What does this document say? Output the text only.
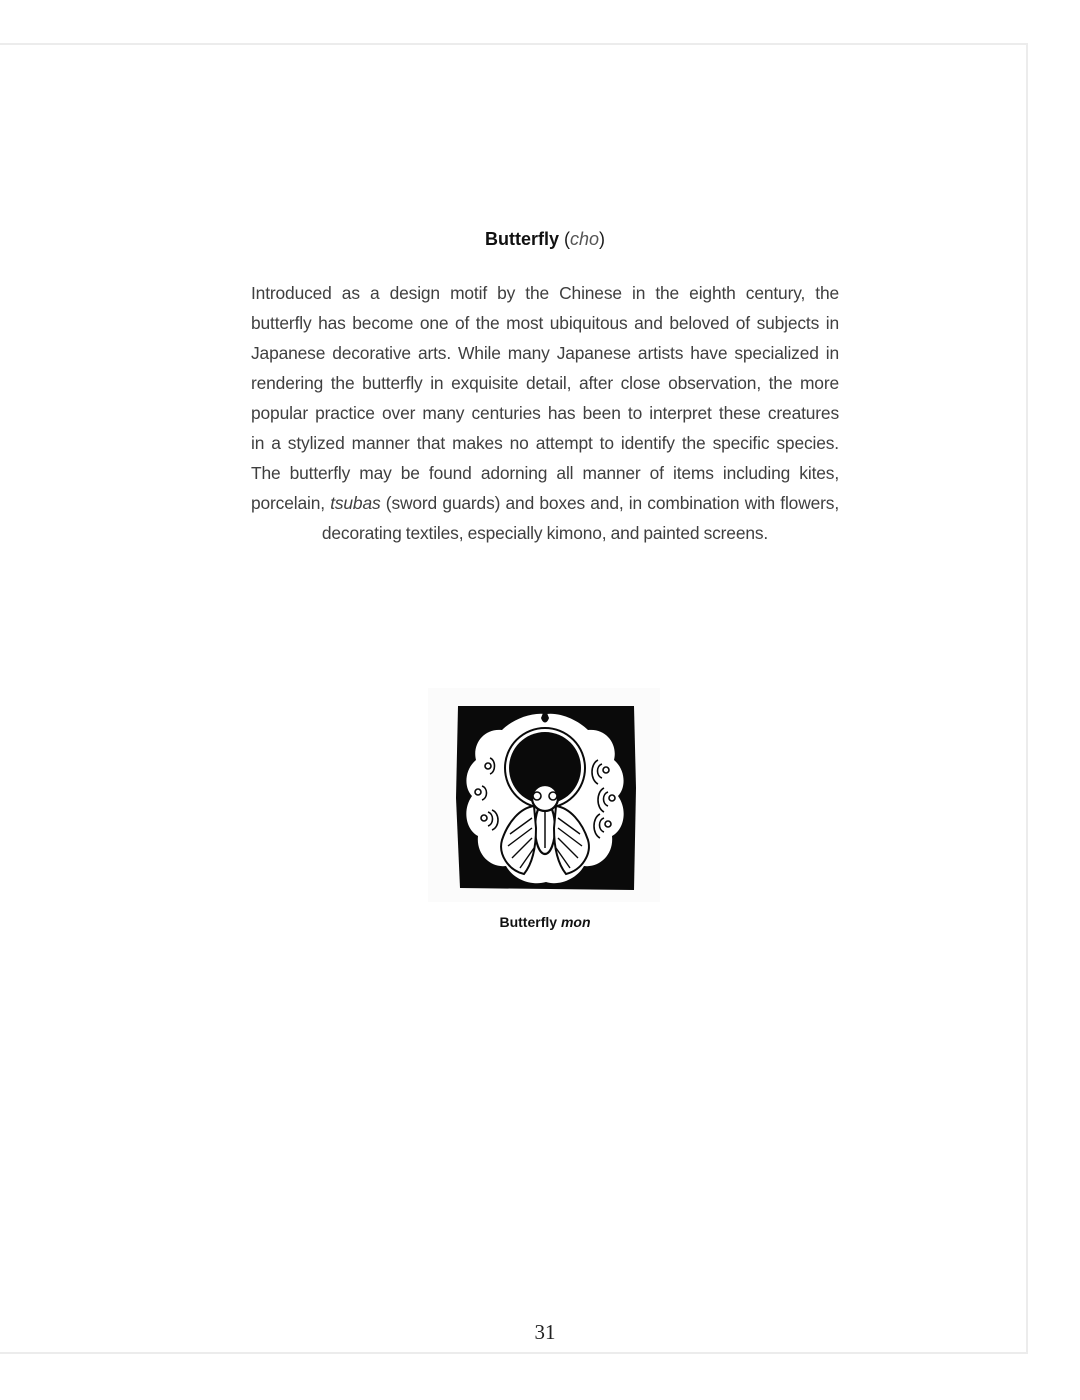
Butterfly (cho)
Introduced as a design motif by the Chinese in the eighth century, the
butterfly has become one of the most ubiquitous and beloved of subjects in
Japanese decorative arts. While many Japanese artists have specialized in
rendering the butterfly in exquisite detail, after close observation, the more
popular practice over many centuries has been to interpret these creatures
in a stylized manner that makes no attempt to identify the specific species.
The butterfly may be found adorning all manner of items including kites,
porcelain, tsubas (sword guards) and boxes and, in combination with flowers,
decorating textiles, especially kimono, and painted screens.
Butterfly mon
31
